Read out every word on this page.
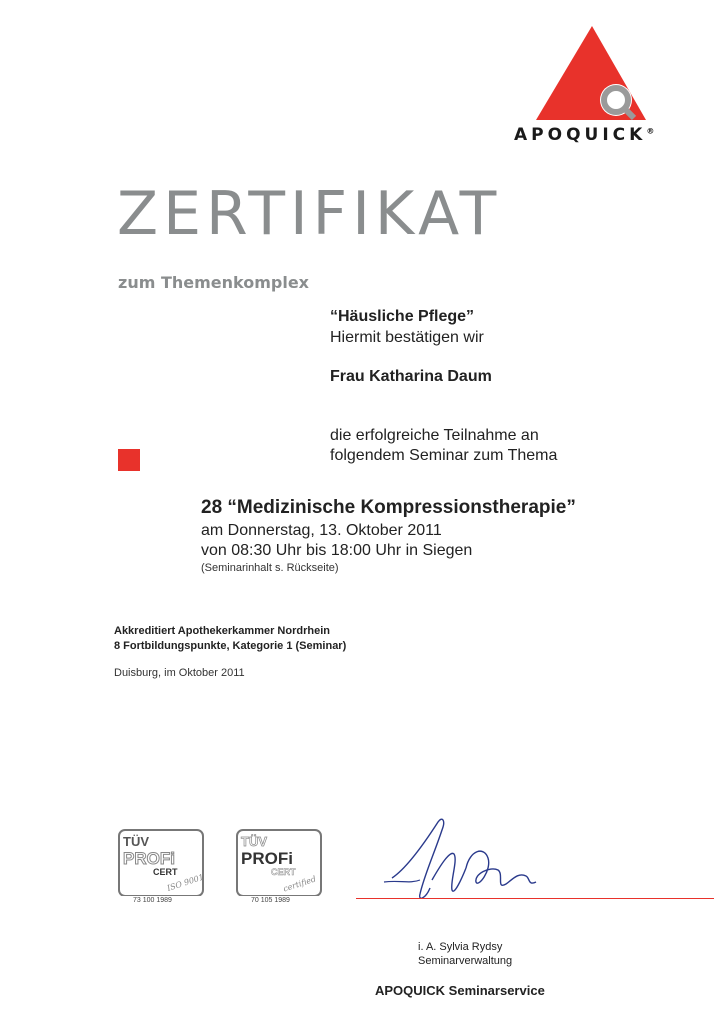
APOQUICK®
ZERTIFIKAT
zum Themenkomplex
“Häusliche Pflege”
Hiermit bestätigen wir
Frau Katharina Daum
die erfolgreiche Teilnahme an
folgendem Seminar zum Thema
28 “Medizinische Kompressionstherapie”
am Donnerstag, 13. Oktober 2011
von 08:30 Uhr bis 18:00 Uhr in Siegen
(Seminarinhalt s. Rückseite)
Akkreditiert Apothekerkammer Nordrhein
8 Fortbildungspunkte, Kategorie 1 (Seminar)
Duisburg, im Oktober 2011
TÜV
PROFi
CERT
ISO 9001
73 100 1989
TÜV
PROFi
CERT
certified
70 105 1989
i. A. Sylvia Rydsy
Seminarverwaltung
APOQUICK Seminarservice
